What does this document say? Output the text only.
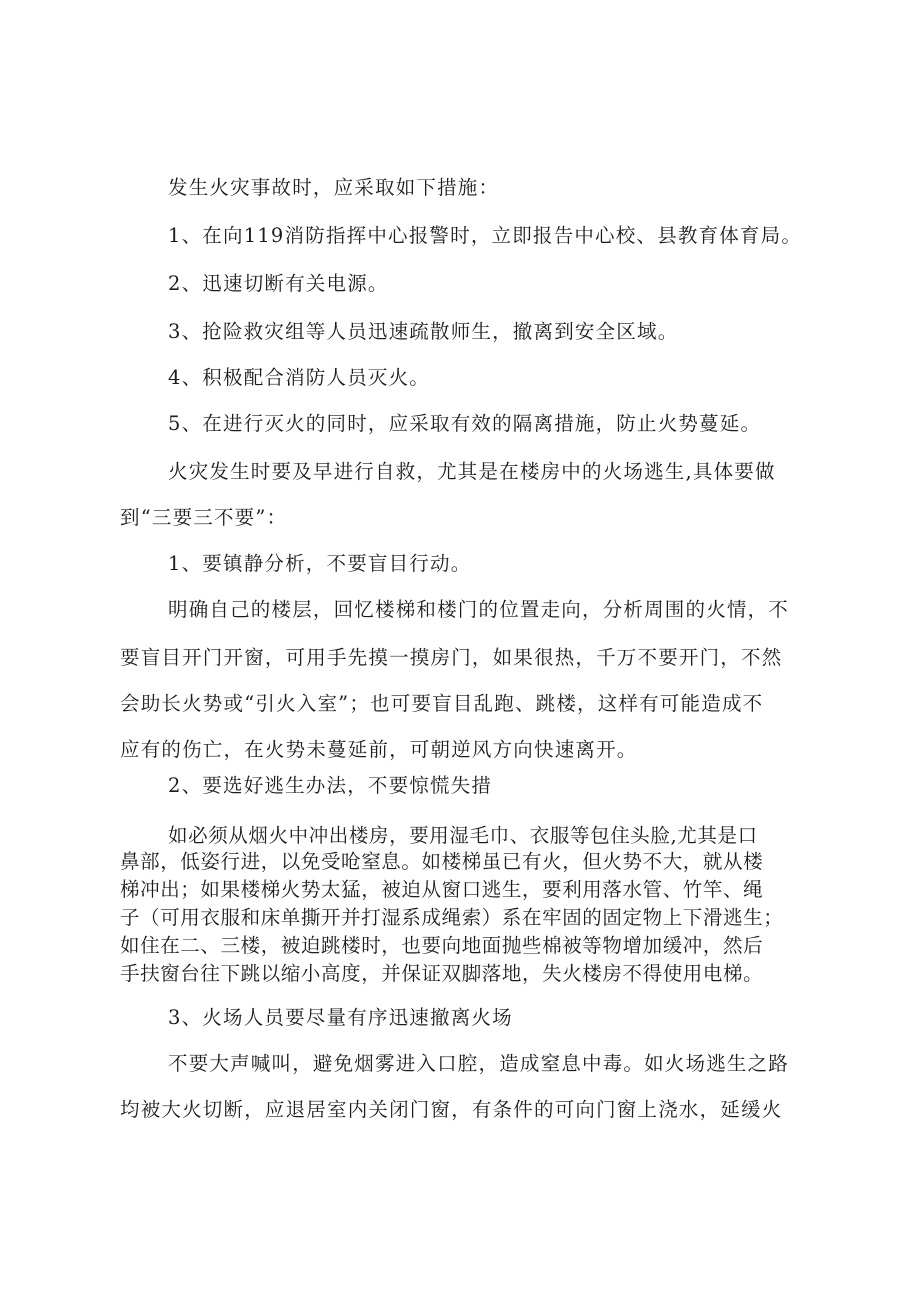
发生火灾事故时，应采取如下措施：
1、在向119消防指挥中心报警时，立即报告中心校、县教育体育局。
2、迅速切断有关电源。
3、抢险救灾组等人员迅速疏散师生，撤离到安全区域。
4、积极配合消防人员灭火。
5、在进行灭火的同时，应采取有效的隔离措施，防止火势蔓延。
火灾发生时要及早进行自救，尤其是在楼房中的火场逃生,具体要做
到“三要三不要”：
1、要镇静分析，不要盲目行动。
明确自己的楼层，回忆楼梯和楼门的位置走向，分析周围的火情，不
要盲目开门开窗，可用手先摸一摸房门，如果很热，千万不要开门，不然
会助长火势或“引火入室”；也可要盲目乱跑、跳楼，这样有可能造成不
应有的伤亡，在火势未蔓延前，可朝逆风方向快速离开。
2、要选好逃生办法，不要惊慌失措
如必须从烟火中冲出楼房，要用湿毛巾、衣服等包住头脸,尤其是口
鼻部，低姿行进，以免受呛窒息。如楼梯虽已有火，但火势不大，就从楼
梯冲出；如果楼梯火势太猛，被迫从窗口逃生，要利用落水管、竹竿、绳
子（可用衣服和床单撕开并打湿系成绳索）系在牢固的固定物上下滑逃生；
如住在二、三楼，被迫跳楼时，也要向地面抛些棉被等物增加缓冲，然后
手扶窗台往下跳以缩小高度，并保证双脚落地，失火楼房不得使用电梯。
3、火场人员要尽量有序迅速撤离火场
不要大声喊叫，避免烟雾进入口腔，造成窒息中毒。如火场逃生之路
均被大火切断，应退居室内关闭门窗，有条件的可向门窗上浇水，延缓火
